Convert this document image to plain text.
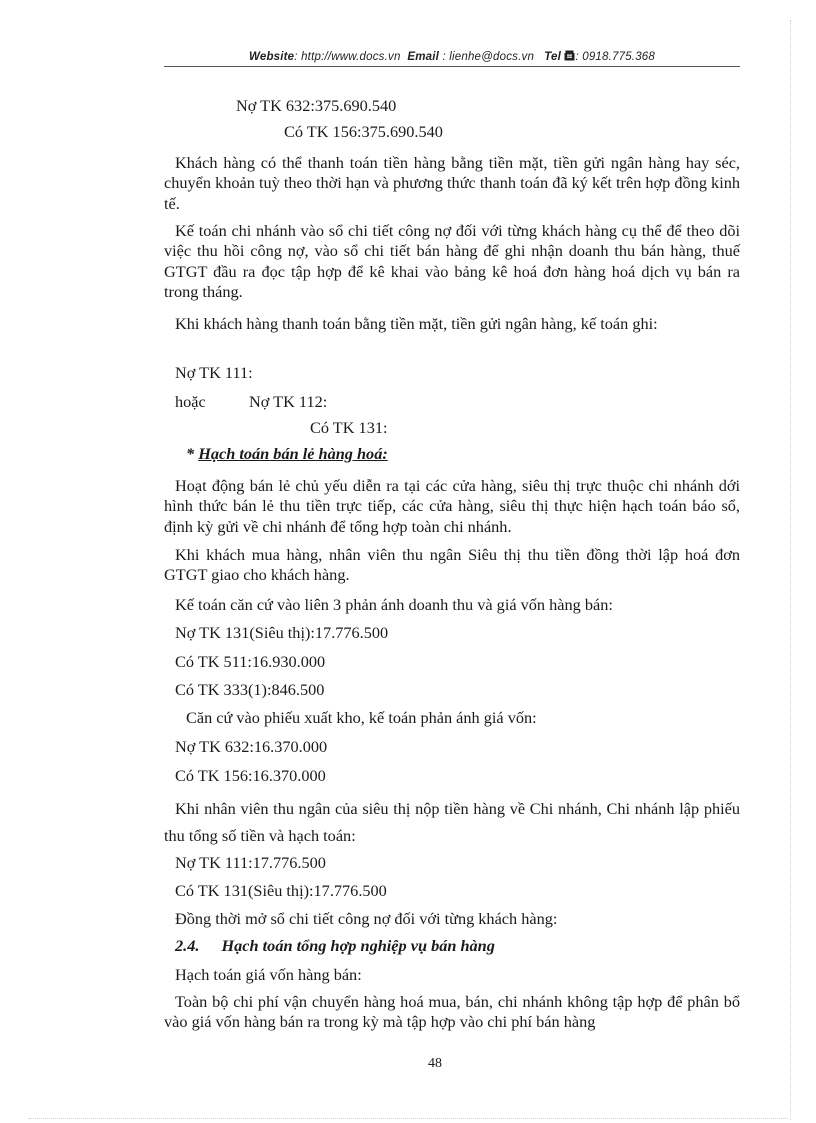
Website: http://www.docs.vn Email : lienhe@docs.vn Tel : 0918.775.368
Nợ TK 632:375.690.540
Có TK 156:375.690.540
Khách hàng có thể thanh toán tiền hàng bằng tiền mặt, tiền gửi ngân hàng hay séc, chuyển khoản tuỳ theo thời hạn và phương thức thanh toán đã ký kết trên hợp đồng kinh tế.
Kế toán chi nhánh vào sổ chi tiết công nợ đối với từng khách hàng cụ thể để theo dõi việc thu hồi công nợ, vào sổ chi tiết bán hàng để ghi nhận doanh thu bán hàng, thuế GTGT đầu ra đọc tập hợp để kê khai vào bảng kê hoá đơn hàng hoá dịch vụ bán ra trong tháng.
Khi khách hàng thanh toán bằng tiền mặt, tiền gửi ngân hàng, kế toán ghi:
Nợ TK 111:
hoặc	Nợ TK 112:
Có TK 131:
* Hạch toán bán lẻ hàng hoá:
Hoạt động bán lẻ chủ yếu diễn ra tại các cửa hàng, siêu thị trực thuộc chi nhánh dới hình thức bán lẻ thu tiền trực tiếp, các cửa hàng, siêu thị thực hiện hạch toán báo sổ, định kỳ gửi về chi nhánh để tổng hợp toàn chi nhánh.
Khi khách mua hàng, nhân viên thu ngân Siêu thị thu tiền đồng thời lập hoá đơn GTGT giao cho khách hàng.
Kế toán căn cứ vào liên 3 phản ánh doanh thu và giá vốn hàng bán:
Nợ TK 131(Siêu thị):17.776.500
Có TK 511:16.930.000
Có TK 333(1):846.500
Căn cứ vào phiếu xuất kho, kế toán phản ánh giá vốn:
Nợ TK 632:16.370.000
Có TK 156:16.370.000
Khi nhân viên thu ngân của siêu thị nộp tiền hàng về Chi nhánh, Chi nhánh lập phiếu thu tổng số tiền và hạch toán:
Nợ TK 111:17.776.500
Có TK 131(Siêu thị):17.776.500
Đồng thời mở sổ chi tiết công nợ đối với từng khách hàng:
2.4. Hạch toán tổng hợp nghiệp vụ bán hàng
Hạch toán giá vốn hàng bán:
Toàn bộ chi phí vận chuyển hàng hoá mua, bán, chi nhánh không tập hợp để phân bổ vào giá vốn hàng bán ra trong kỳ mà tập hợp vào chi phí bán hàng
48
